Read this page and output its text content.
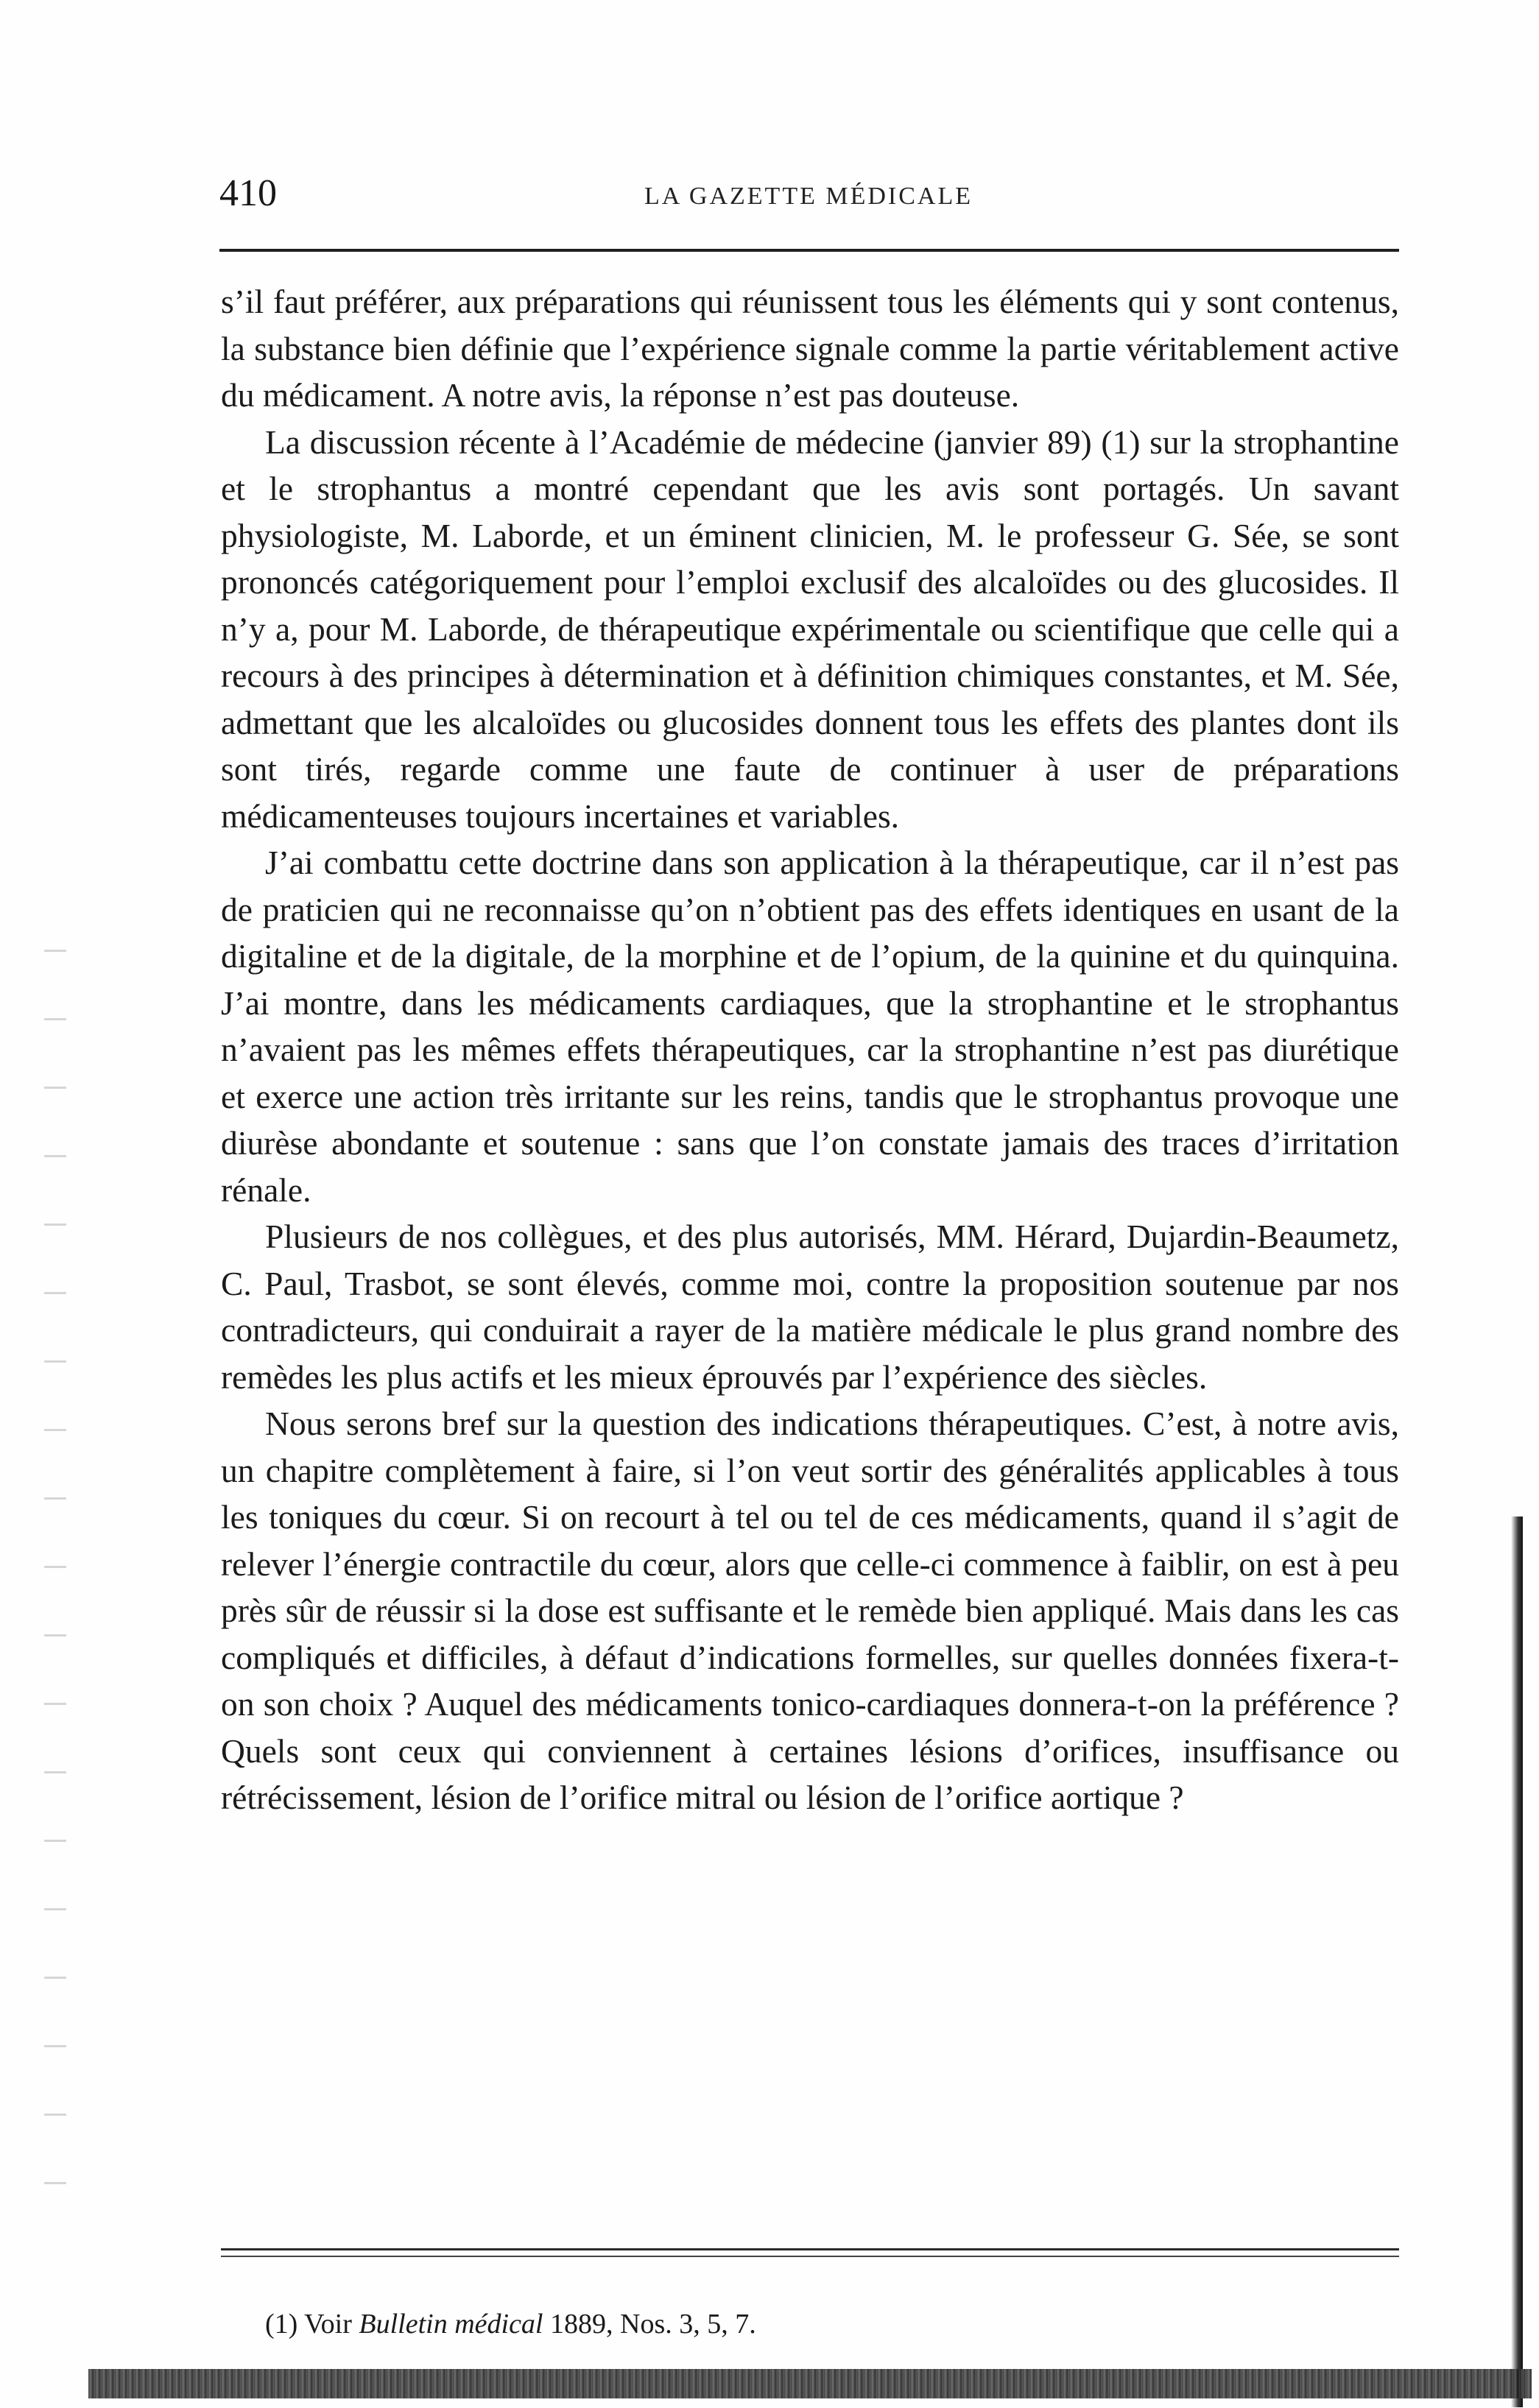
410	LA GAZETTE MÉDICALE

s’il faut préférer, aux préparations qui réunissent tous les éléments qui y sont contenus, la substance bien définie que l’expérience signale comme la partie véritablement active du médicament. A notre avis, la réponse n’est pas douteuse.

La discussion récente à l’Académie de médecine (janvier 89) (1) sur la strophantine et le strophantus a montré cependant que les avis sont portagés. Un savant physiologiste, M. Laborde, et un éminent clinicien, M. le professeur G. Sée, se sont prononcés catégoriquement pour l’emploi exclusif des alcaloïdes ou des glucosides. Il n’y a, pour M. Laborde, de thérapeutique expérimentale ou scientifique que celle qui a recours à des principes à détermination et à définition chimiques constantes, et M. Sée, admettant que les alcaloïdes ou glucosides donnent tous les effets des plantes dont ils sont tirés, regarde comme une faute de continuer à user de préparations médicamenteuses toujours incertaines et variables.

J’ai combattu cette doctrine dans son application à la thérapeutique, car il n’est pas de praticien qui ne reconnaisse qu’on n’obtient pas des effets identiques en usant de la digitaline et de la digitale, de la morphine et de l’opium, de la quinine et du quinquina. J’ai montre, dans les médicaments cardiaques, que la strophantine et le strophantus n’avaient pas les mêmes effets thérapeutiques, car la strophantine n’est pas diurétique et exerce une action très irritante sur les reins, tandis que le strophantus provoque une diurèse abondante et soutenue : sans que l’on constate jamais des traces d’irritation rénale.

Plusieurs de nos collègues, et des plus autorisés, MM. Hérard, Dujardin-Beaumetz, C. Paul, Trasbot, se sont élevés, comme moi, contre la proposition soutenue par nos contradicteurs, qui conduirait a rayer de la matière médicale le plus grand nombre des remèdes les plus actifs et les mieux éprouvés par l’expérience des siècles.

Nous serons bref sur la question des indications thérapeutiques. C’est, à notre avis, un chapitre complètement à faire, si l’on veut sortir des généralités applicables à tous les toniques du cœur. Si on recourt à tel ou tel de ces médicaments, quand il s’agit de relever l’énergie contractile du cœur, alors que celle-ci commence à faiblir, on est à peu près sûr de réussir si la dose est suffisante et le remède bien appliqué. Mais dans les cas compliqués et difficiles, à défaut d’indications formelles, sur quelles données fixera-t-on son choix ? Auquel des médicaments tonico-cardiaques donnera-t-on la préférence ? Quels sont ceux qui conviennent à certaines lésions d’orifices, insuffisance ou rétrécissement, lésion de l’orifice mitral ou lésion de l’orifice aortique ?

(1) Voir Bulletin médical 1889, Nos. 3, 5, 7.
